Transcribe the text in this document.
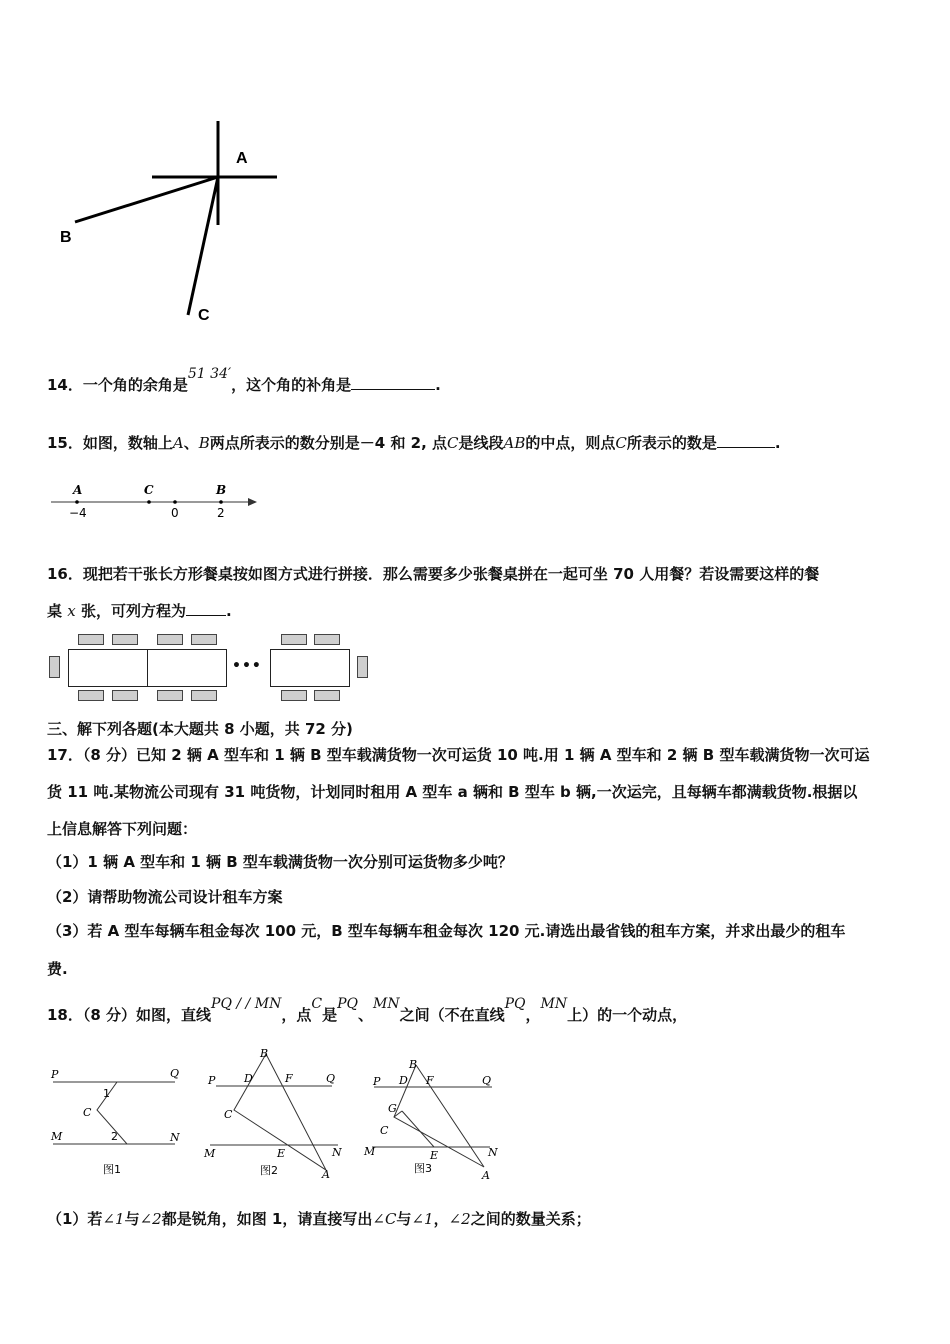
A
B
C
14．一个角的余角是51 34′，这个角的补角是	.
15．如图，数轴上A、B两点所表示的数分别是－4 和 2, 点C是线段AB的中点，则点C所表示的数是	.
A	C	B
−4	0	2
16．现把若干张长方形餐桌按如图方式进行拼接．那么需要多少张餐桌拼在一起可坐 70 人用餐？若设需要这样的餐
桌 x 张，可列方程为	.
•••
三、解下列各题(本大题共 8 小题，共 72 分)
17．（8 分）已知 2 辆 A 型车和 1 辆 B 型车载满货物一次可运货 10 吨.用 1 辆 A 型车和 2 辆 B 型车载满货物一次可运
货 11 吨.某物流公司现有 31 吨货物，计划同时租用 A 型车 a 辆和 B 型车 b 辆,一次运完，且每辆车都满载货物.根据以
上信息解答下列问题：
（1）1 辆 A 型车和 1 辆 B 型车载满货物一次分别可运货物多少吨？
（2）请帮助物流公司设计租车方案
（3）若 A 型车每辆车租金每次 100 元，B 型车每辆车租金每次 120 元.请选出最省钱的租车方案，并求出最少的租车
费.
18．（8 分）如图，直线PQ / / MN，点C是PQ、MN之间（不在直线PQ，MN上）的一个动点，
P	Q
M	N
C
1
2
图1
B
P	D	F	Q
C
M	E	N
A
图2
B
P D F	Q
G
C
M	E	N
A
图3
（1）若∠1与∠2都是锐角，如图 1，请直接写出∠C与∠1，∠2之间的数量关系；
